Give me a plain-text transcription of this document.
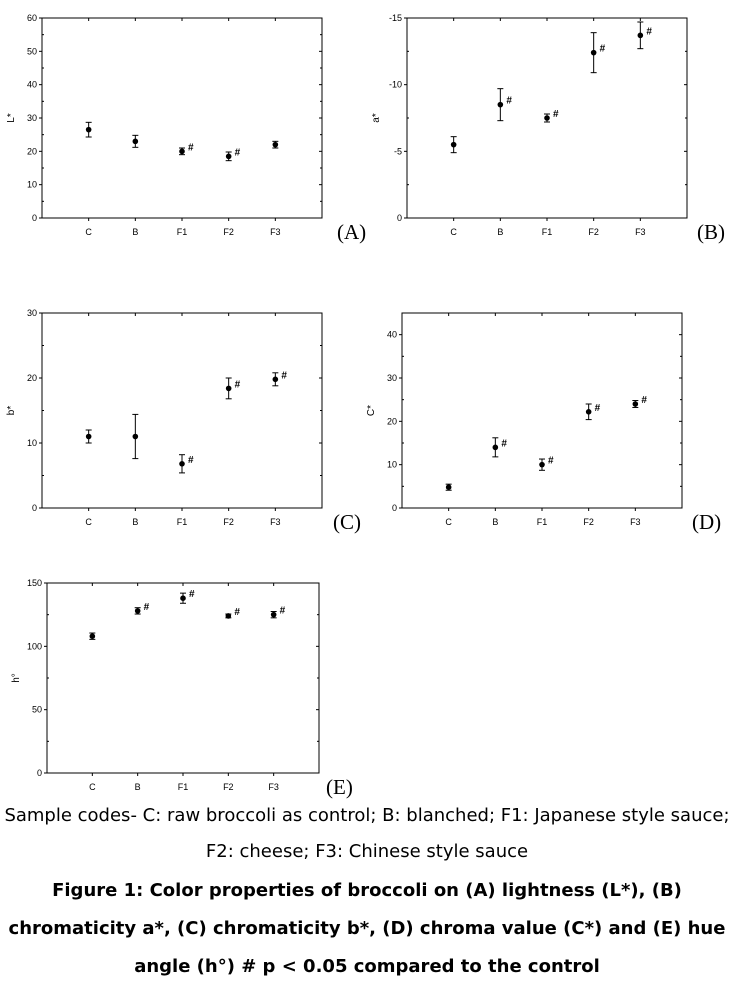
0
10
20
30
40
50
60
L*
C	B	F1
#
F2
#
F3	(A)
0
-5
-10
-15
a*
C	B
#
F1
#
F2
#
F3
#
(B)
0
10
20
30
b*
C	B	F1
#
F2
#
F3
#
(C)
0
10
20
30
40
C*
C	B
#
F1
#
F2
#
F3
#
(D)
0
50
100
150
h°
C	B
#
F1
#
F2
#
F3
#
(E)
Sample codes- C: raw broccoli as control; B: blanched; F1: Japanese style sauce;
F2: cheese; F3: Chinese style sauce
Figure 1: Color properties of broccoli on (A) lightness (L*), (B) chromaticity a*, (C) chromaticity b*, (D) chroma value (C*) and (E) hue angle (h°) # p < 0.05 compared to the control
